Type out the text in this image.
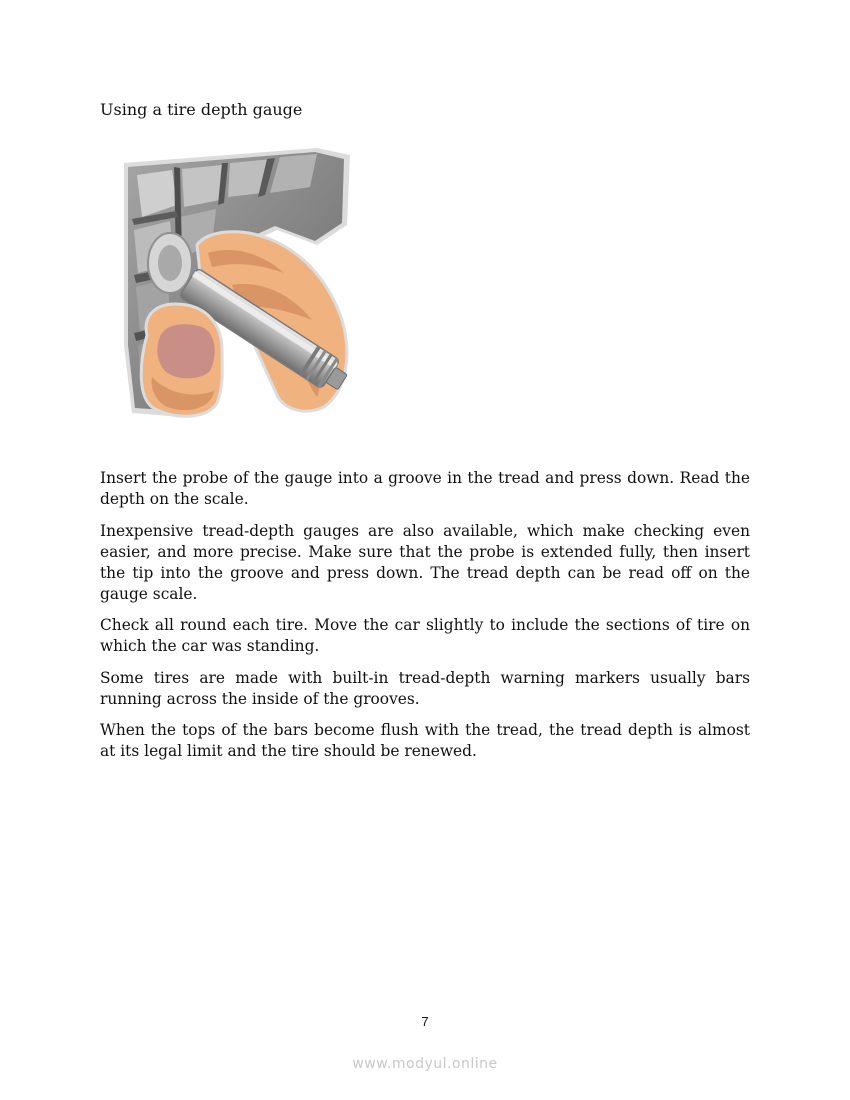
Using a tire depth gauge

Insert the probe of the gauge into a groove in the tread and press down. Read the depth on the scale.

Inexpensive tread-depth gauges are also available, which make checking even easier, and more precise. Make sure that the probe is extended fully, then insert the tip into the groove and press down. The tread depth can be read off on the gauge scale.

Check all round each tire. Move the car slightly to include the sections of tire on which the car was standing.

Some tires are made with built-in tread-depth warning markers usually bars running across the inside of the grooves.

When the tops of the bars become flush with the tread, the tread depth is almost at its legal limit and the tire should be renewed.

7
www.modyul.online
